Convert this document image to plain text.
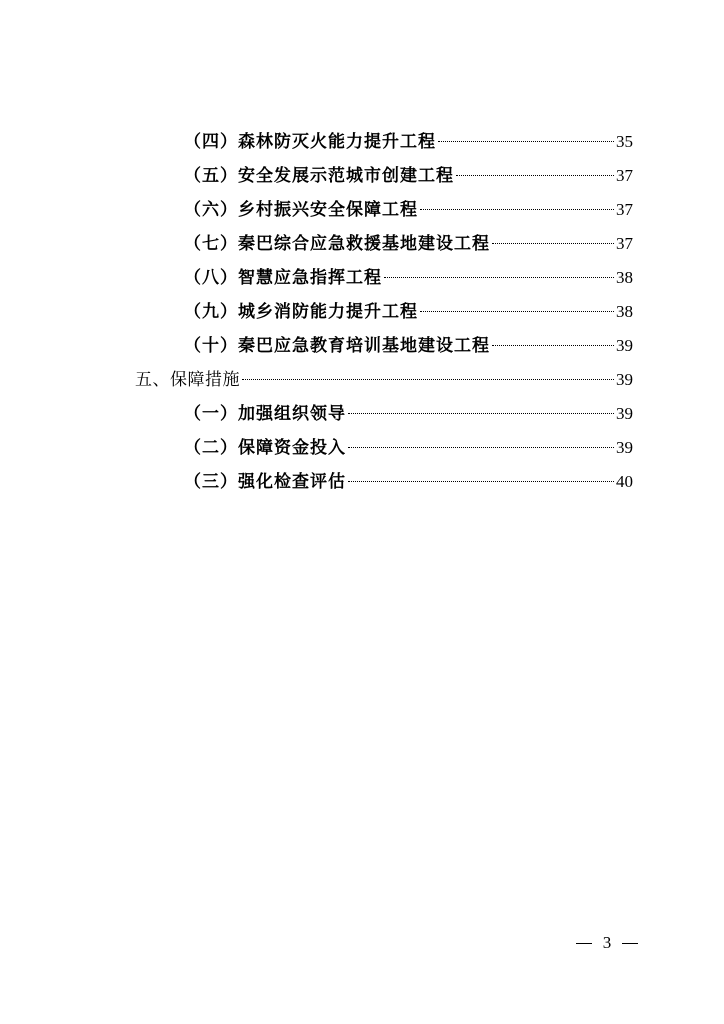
（四）森林防灭火能力提升工程	35
（五）安全发展示范城市创建工程	37
（六）乡村振兴安全保障工程	37
（七）秦巴综合应急救援基地建设工程	37
（八）智慧应急指挥工程	38
（九）城乡消防能力提升工程	38
（十）秦巴应急教育培训基地建设工程	39
五、保障措施	39
（一）加强组织领导	39
（二）保障资金投入	39
（三）强化检查评估	40
3
